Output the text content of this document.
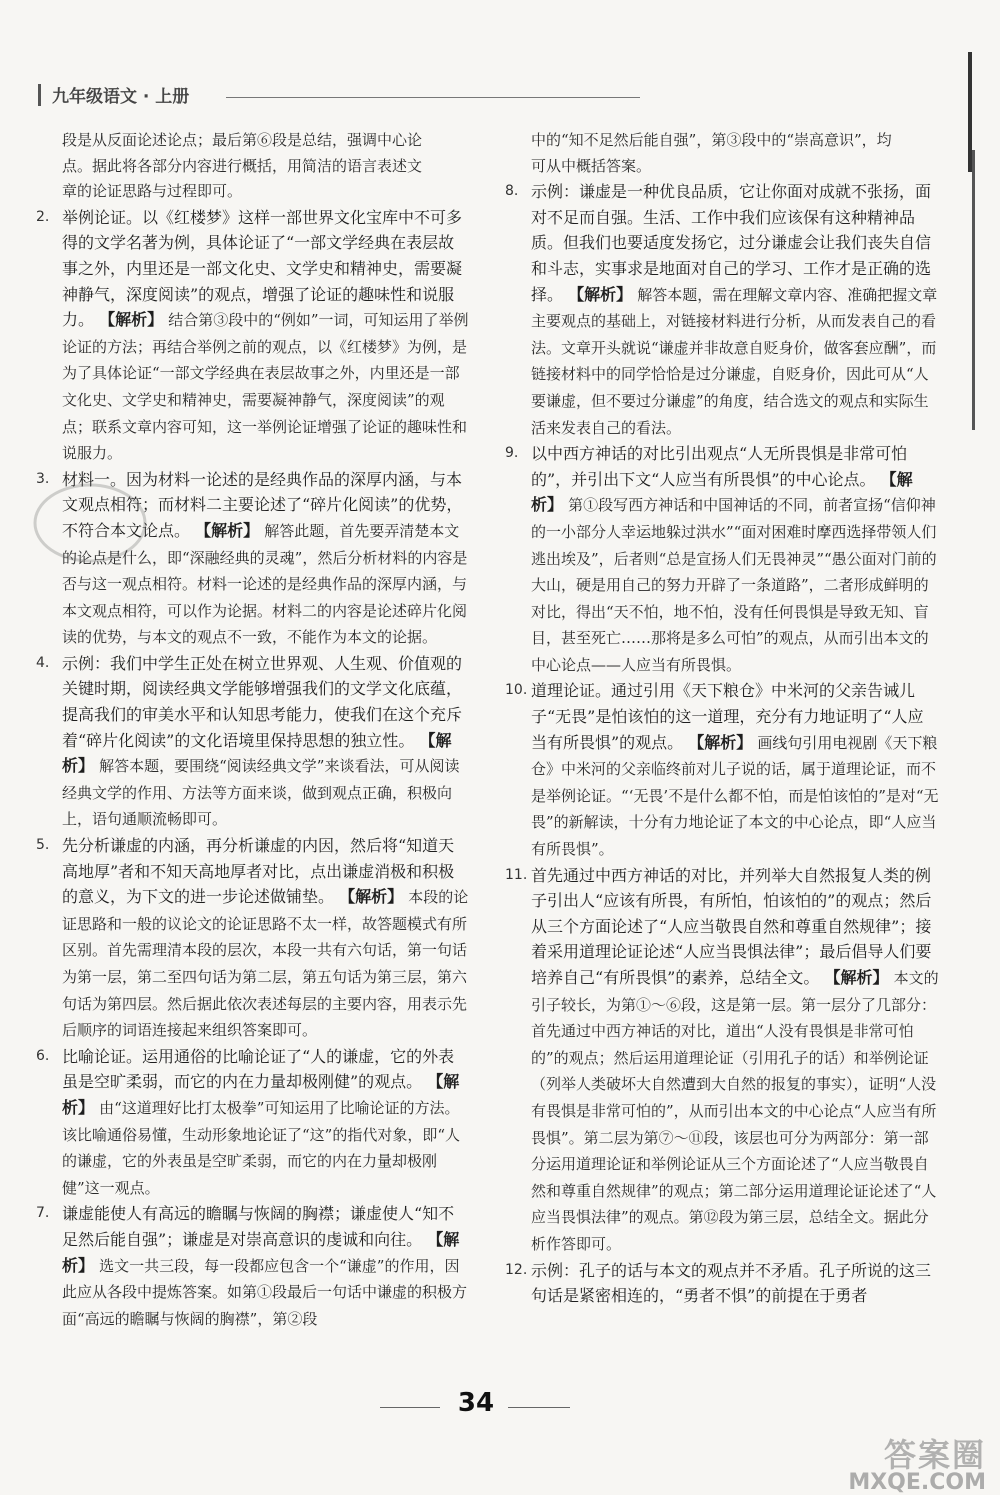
九年级语文 · 上册
段是从反面论述论点；最后第⑥段是总结，强调中心论
点。据此将各部分内容进行概括，用简洁的语言表述文
章的论证思路与过程即可。
2. 举例论证。以《红楼梦》这样一部世界文化宝库中不可多得的文学名著为例，具体论证了“一部文学经典在表层故事之外，内里还是一部文化史、文学史和精神史，需要凝神静气，深度阅读”的观点，增强了论证的趣味性和说服力。 【解析】 结合第③段中的“例如”一词，可知运用了举例论证的方法；再结合举例之前的观点，以《红楼梦》为例，是为了具体论证“一部文学经典在表层故事之外，内里还是一部文化史、文学史和精神史，需要凝神静气，深度阅读”的观点；联系文章内容可知，这一举例论证增强了论证的趣味性和说服力。
3. 材料一。因为材料一论述的是经典作品的深厚内涵，与本文观点相符；而材料二主要论述了“碎片化阅读”的优势，不符合本文论点。 【解析】 解答此题，首先要弄清楚本文的论点是什么，即“深融经典的灵魂”，然后分析材料的内容是否与这一观点相符。材料一论述的是经典作品的深厚内涵，与本文观点相符，可以作为论据。材料二的内容是论述碎片化阅读的优势，与本文的观点不一致，不能作为本文的论据。
4. 示例：我们中学生正处在树立世界观、人生观、价值观的关键时期，阅读经典文学能够增强我们的文学文化底蕴，提高我们的审美水平和认知思考能力，使我们在这个充斥着“碎片化阅读”的文化语境里保持思想的独立性。 【解析】 解答本题，要围绕“阅读经典文学”来谈看法，可从阅读经典文学的作用、方法等方面来谈，做到观点正确，积极向上，语句通顺流畅即可。
5. 先分析谦虚的内涵，再分析谦虚的内因，然后将“知道天高地厚”者和不知天高地厚者对比，点出谦虚消极和积极的意义，为下文的进一步论述做铺垫。 【解析】 本段的论证思路和一般的议论文的论证思路不太一样，故答题模式有所区别。首先需理清本段的层次，本段一共有六句话，第一句话为第一层，第二至四句话为第二层，第五句话为第三层，第六句话为第四层。然后据此依次表述每层的主要内容，用表示先后顺序的词语连接起来组织答案即可。
6. 比喻论证。运用通俗的比喻论证了“人的谦虚，它的外表虽是空旷柔弱，而它的内在力量却极刚健”的观点。 【解析】 由“这道理好比打太极拳”可知运用了比喻论证的方法。该比喻通俗易懂，生动形象地论证了“这”的指代对象，即“人的谦虚，它的外表虽是空旷柔弱，而它的内在力量却极刚健”这一观点。
7. 谦虚能使人有高远的瞻瞩与恢阔的胸襟；谦虚使人“知不足然后能自强”；谦虚是对崇高意识的虔诚和向往。 【解析】 选文一共三段，每一段都应包含一个“谦虚”的作用，因此应从各段中提炼答案。如第①段最后一句话中谦虚的积极方面“高远的瞻瞩与恢阔的胸襟”，第②段
中的“知不足然后能自强”，第③段中的“崇高意识”，均
可从中概括答案。
8. 示例：谦虚是一种优良品质，它让你面对成就不张扬，面对不足而自强。生活、工作中我们应该保有这种精神品质。但我们也要适度发扬它，过分谦虚会让我们丧失自信和斗志，实事求是地面对自己的学习、工作才是正确的选择。 【解析】 解答本题，需在理解文章内容、准确把握文章主要观点的基础上，对链接材料进行分析，从而发表自己的看法。文章开头就说“谦虚并非故意自贬身价，做客套应酬”，而链接材料中的同学恰恰是过分谦虚，自贬身价，因此可从“人要谦虚，但不要过分谦虚”的角度，结合选文的观点和实际生活来发表自己的看法。
9. 以中西方神话的对比引出观点“人无所畏惧是非常可怕的”，并引出下文“人应当有所畏惧”的中心论点。 【解析】 第①段写西方神话和中国神话的不同，前者宣扬“信仰神的一小部分人幸运地躲过洪水”“面对困难时摩西选择带领人们逃出埃及”，后者则“总是宣扬人们无畏神灵”“愚公面对门前的大山，硬是用自己的努力开辟了一条道路”，二者形成鲜明的对比，得出“天不怕，地不怕，没有任何畏惧是导致无知、盲目，甚至死亡……那将是多么可怕”的观点，从而引出本文的中心论点——人应当有所畏惧。
10. 道理论证。通过引用《天下粮仓》中米河的父亲告诫儿子“无畏”是怕该怕的这一道理，充分有力地证明了“人应当有所畏惧”的观点。 【解析】 画线句引用电视剧《天下粮仓》中米河的父亲临终前对儿子说的话，属于道理论证，而不是举例论证。“‘无畏’不是什么都不怕，而是怕该怕的”是对“无畏”的新解读，十分有力地论证了本文的中心论点，即“人应当有所畏惧”。
11. 首先通过中西方神话的对比，并列举大自然报复人类的例子引出人“应该有所畏，有所怕，怕该怕的”的观点；然后从三个方面论述了“人应当敬畏自然和尊重自然规律”；接着采用道理论证论述“人应当畏惧法律”；最后倡导人们要培养自己“有所畏惧”的素养，总结全文。 【解析】 本文的引子较长，为第①～⑥段，这是第一层。第一层分了几部分：首先通过中西方神话的对比，道出“人没有畏惧是非常可怕的”的观点；然后运用道理论证（引用孔子的话）和举例论证（列举人类破坏大自然遭到大自然的报复的事实），证明“人没有畏惧是非常可怕的”，从而引出本文的中心论点“人应当有所畏惧”。第二层为第⑦～⑪段，该层也可分为两部分：第一部分运用道理论证和举例论证从三个方面论述了“人应当敬畏自然和尊重自然规律”的观点；第二部分运用道理论证论述了“人应当畏惧法律”的观点。第⑫段为第三层，总结全文。据此分析作答即可。
12. 示例：孔子的话与本文的观点并不矛盾。孔子所说的这三句话是紧密相连的，“勇者不惧”的前提在于勇者
34
答案圈
MXQE.COM
